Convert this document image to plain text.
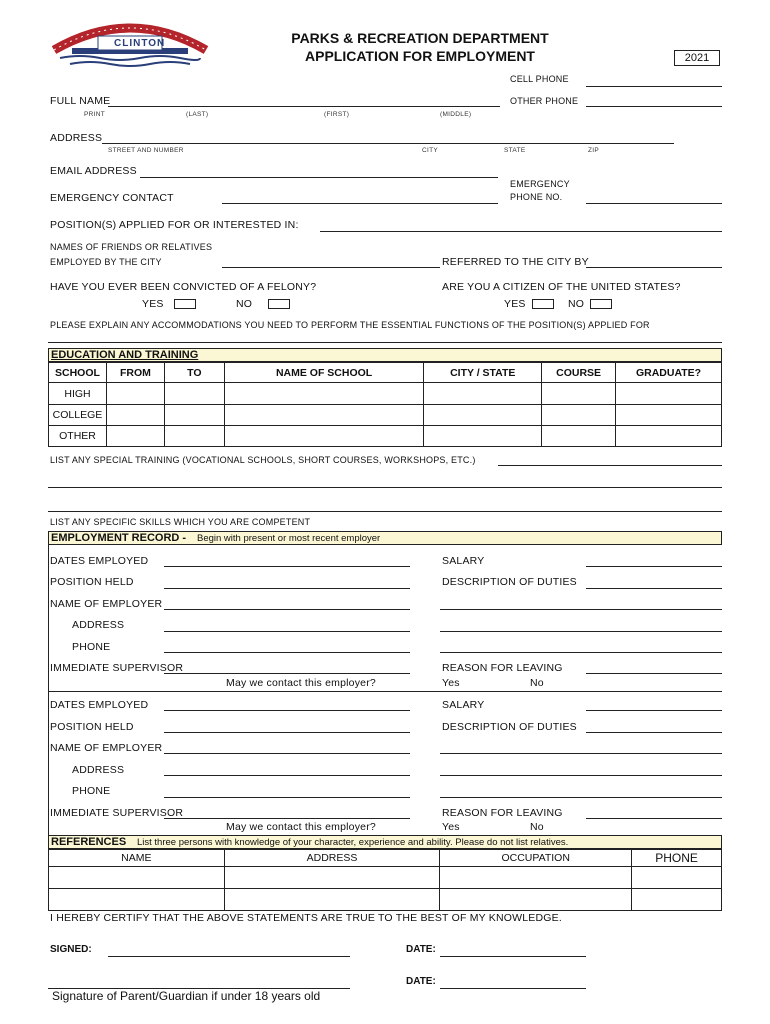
CLINTON	PARKS & RECREATION DEPARTMENT
APPLICATION FOR EMPLOYMENT	2021
CELL PHONE
FULL NAME	OTHER PHONE
PRINT	(LAST)	(FIRST)	(MIDDLE)
ADDRESS
STREET AND NUMBER	CITY	STATE	ZIP
EMAIL ADDRESS
EMERGENCY CONTACT
EMERGENCY
PHONE NO.
POSITION(S) APPLIED FOR OR INTERESTED IN:
NAMES OF FRIENDS OR RELATIVES
EMPLOYED BY THE CITY	REFERRED TO THE CITY BY
HAVE YOU EVER BEEN CONVICTED OF A FELONY?
YES	NO
ARE YOU A CITIZEN OF THE UNITED STATES?
YES	NO
PLEASE EXPLAIN ANY ACCOMMODATIONS YOU NEED TO PERFORM THE ESSENTIAL FUNCTIONS OF THE POSITION(S) APPLIED FOR
EDUCATION AND TRAINING
SCHOOL	FROM	TO	NAME OF SCHOOL	CITY / STATE	COURSE	GRADUATE?
HIGH						
COLLEGE						
OTHER						
LIST ANY SPECIAL TRAINING (VOCATIONAL SCHOOLS, SHORT COURSES, WORKSHOPS, ETC.)
LIST ANY SPECIFIC SKILLS WHICH YOU ARE COMPETENT
EMPLOYMENT RECORD - Begin with present or most recent employer
DATES EMPLOYED	SALARY
POSITION HELD	DESCRIPTION OF DUTIES
NAME OF EMPLOYER
ADDRESS
PHONE
IMMEDIATE SUPERVISOR	REASON FOR LEAVING
May we contact this employer?	Yes	No
DATES EMPLOYED	SALARY
POSITION HELD	DESCRIPTION OF DUTIES
NAME OF EMPLOYER
ADDRESS
PHONE
IMMEDIATE SUPERVISOR	REASON FOR LEAVING
May we contact this employer?	Yes	No
REFERENCES List three persons with knowledge of your character, experience and ability. Please do not list relatives.
NAME	ADDRESS	OCCUPATION	PHONE

I HEREBY CERTIFY THAT THE ABOVE STATEMENTS ARE TRUE TO THE BEST OF MY KNOWLEDGE.
SIGNED:	DATE:
DATE:
Signature of Parent/Guardian if under 18 years old
